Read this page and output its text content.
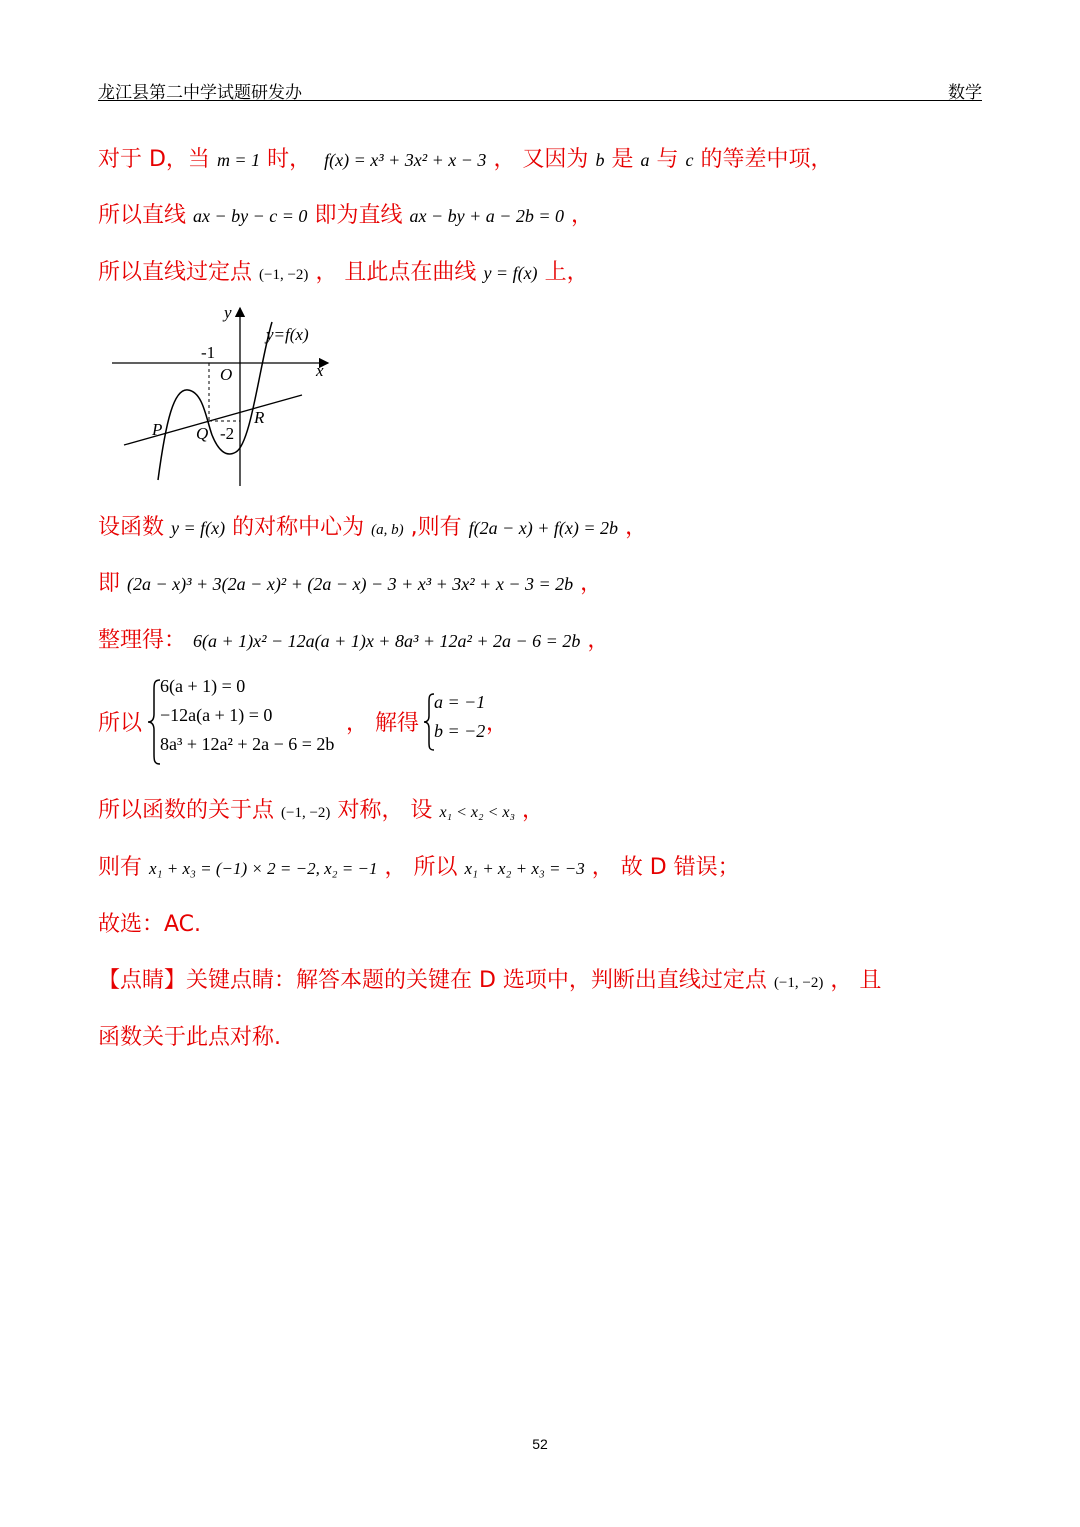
龙江县第二中学试题研发办	数学
对于 D，当 m = 1 时， f(x) = x³ + 3x² + x − 3 ， 又因为 b 是 a 与 c 的等差中项，
所以直线 ax − by − c = 0 即为直线 ax − by + a − 2b = 0 ，
所以直线过定点 (−1, −2) ， 且此点在曲线 y = f(x) 上，
y
x
O
y=f(x)
-1
-2
P Q
R
设函数 y = f(x) 的对称中心为 (a, b) ,则有 f(2a − x) + f(x) = 2b ，
即 (2a − x)³ + 3(2a − x)² + (2a − x) − 3 + x³ + 3x² + x − 3 = 2b ，
整理得： 6(a + 1)x² − 12a(a + 1)x + 8a³ + 12a² + 2a − 6 = 2b ，
所以
6(a + 1) = 0
−12a(a + 1) = 0
8a³ + 12a² + 2a − 6 = 2b
， 解得
a = −1
b = −2 ，
所以函数的关于点 (−1, −2) 对称， 设 x₁ < x₂ < x₃ ，
则有 x₁ + x₃ = (−1) × 2 = −2, x₂ = −1 ， 所以 x₁ + x₂ + x₃ = −3 ， 故 D 错误；
故选：AC.
【点睛】关键点睛：解答本题的关键在 D 选项中，判断出直线过定点 (−1, −2) ， 且
函数关于此点对称.
52
